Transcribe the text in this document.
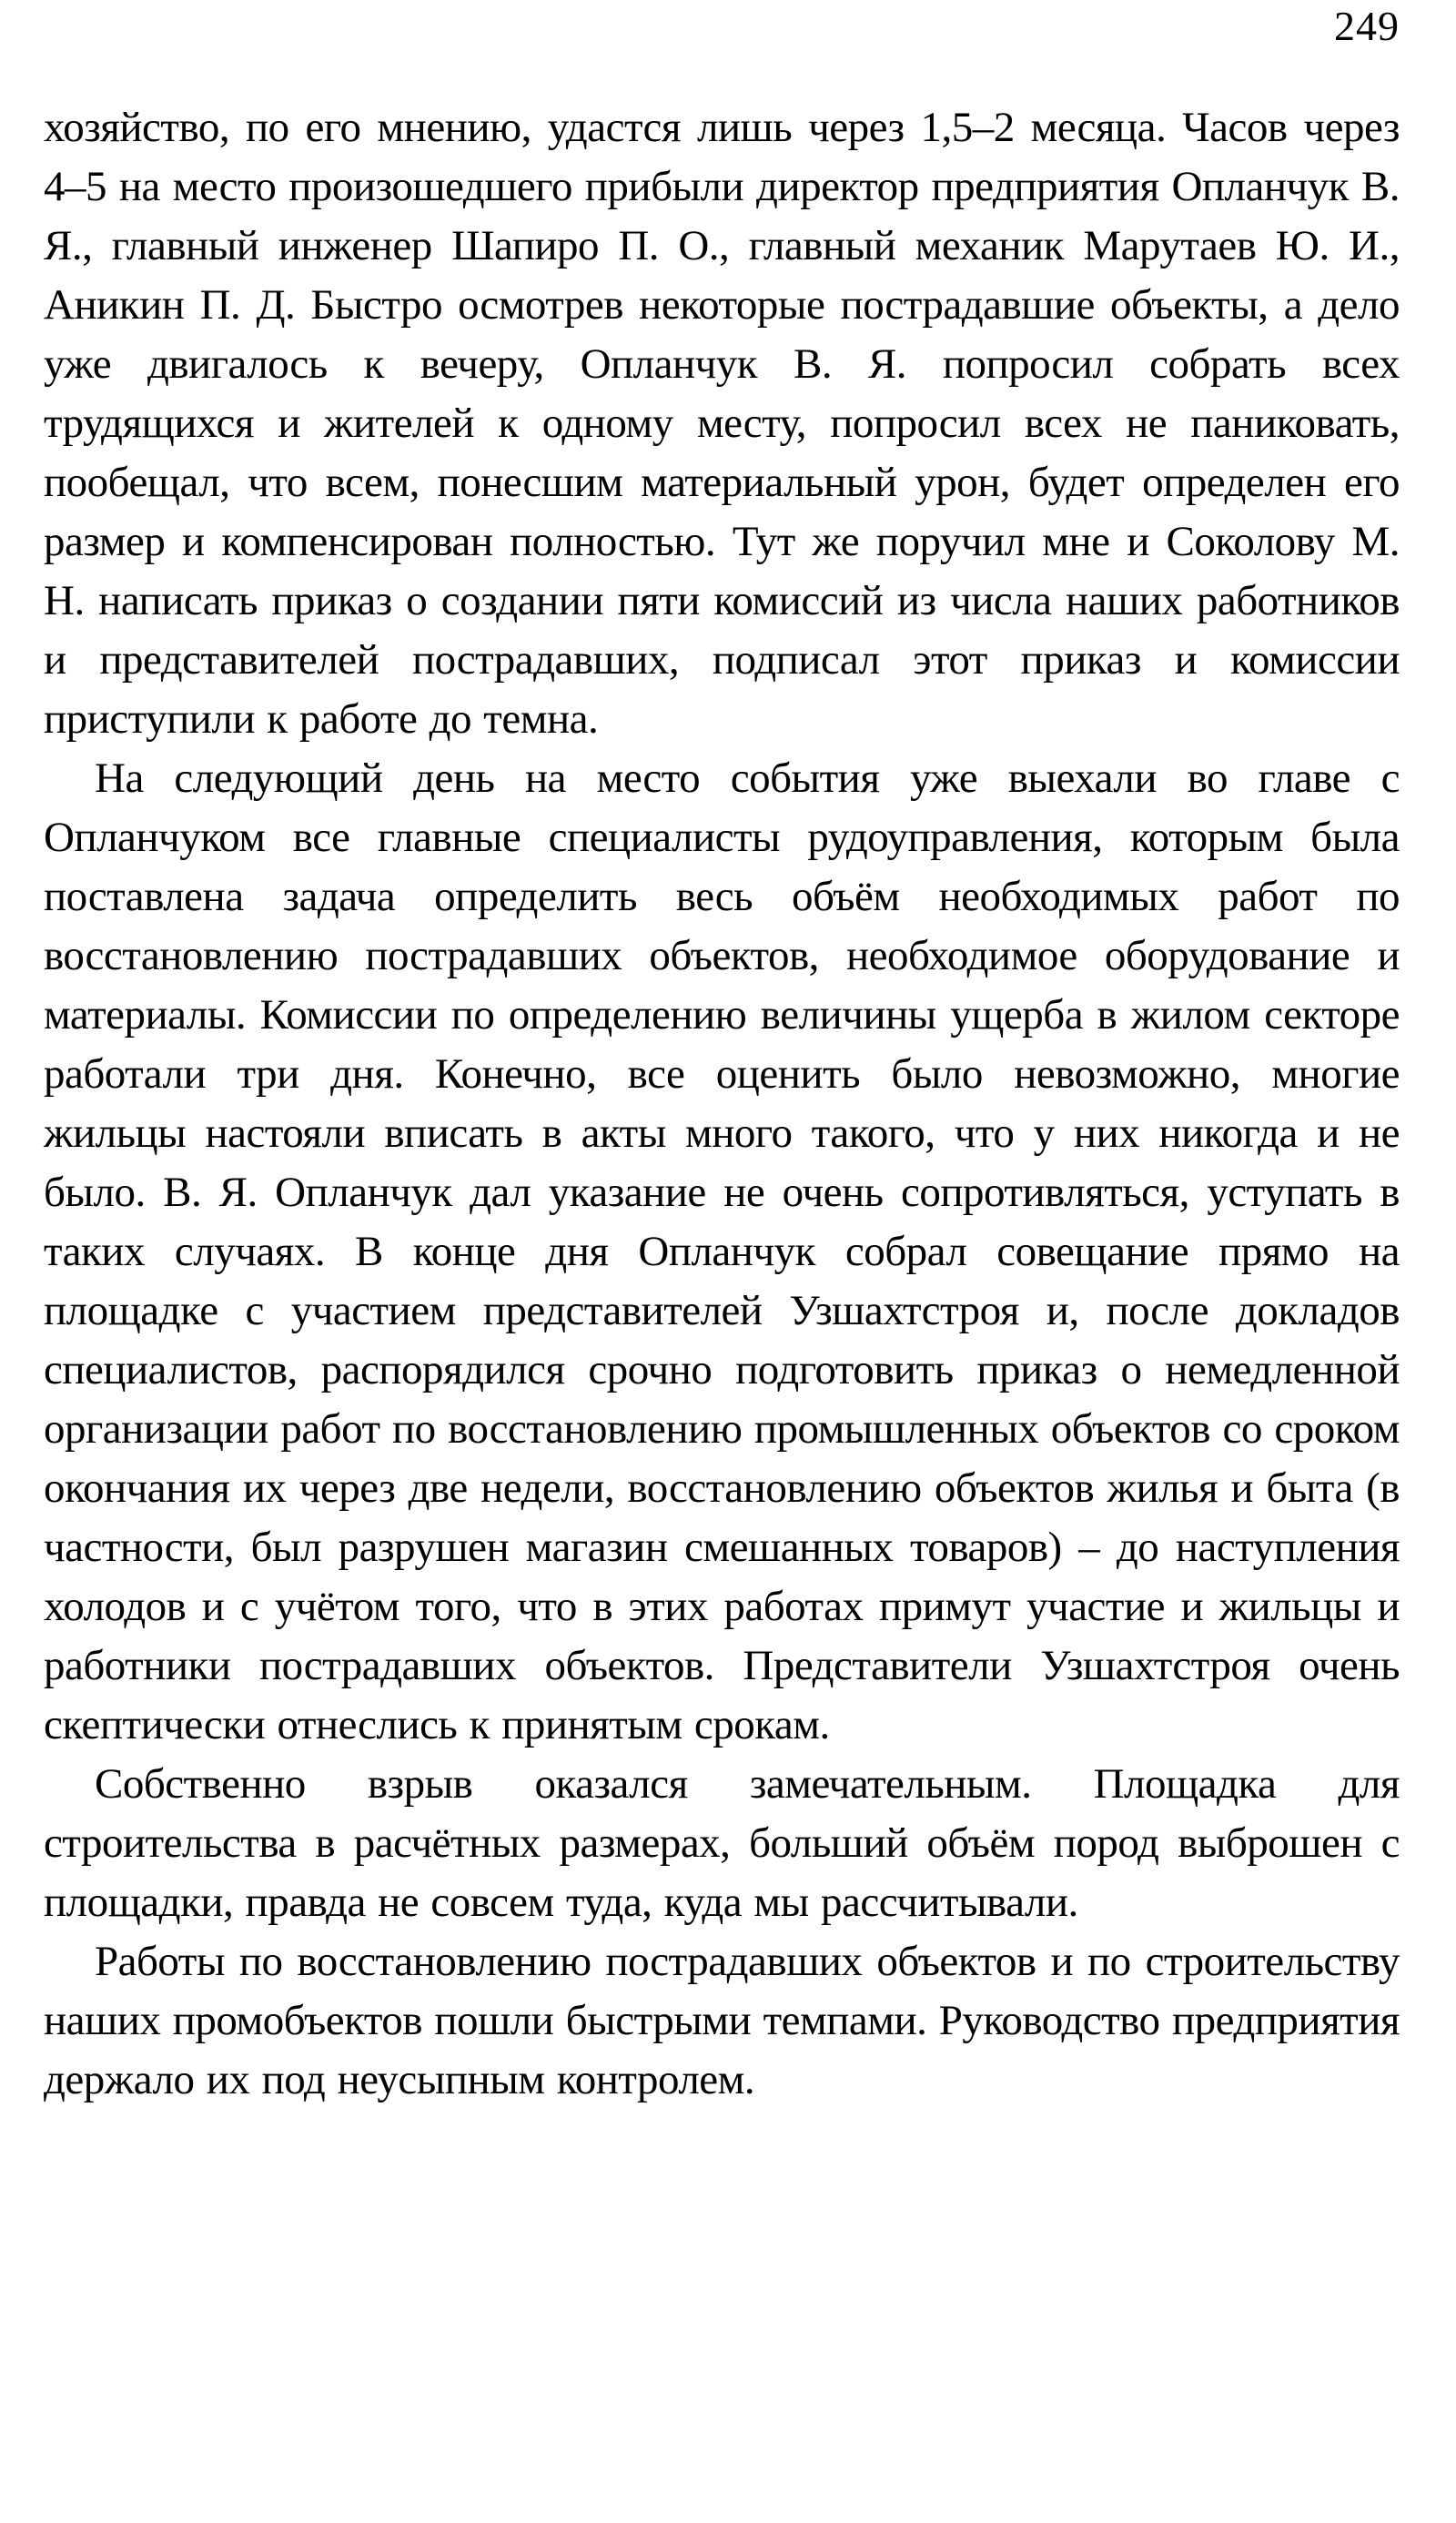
249

хозяйство, по его мнению, удастся лишь через 1,5–2 месяца. Часов через 4–5 на место произошедшего прибыли директор предприятия Опланчук В. Я., главный инженер Шапиро П. О., главный механик Марутаев Ю. И., Аникин П. Д. Быстро осмотрев некоторые пострадавшие объекты, а дело уже двигалось к вечеру, Опланчук В. Я. попросил собрать всех трудящихся и жителей к одному месту, попросил всех не паниковать, пообещал, что всем, понесшим материальный урон, будет определен его размер и компенсирован полностью. Тут же поручил мне и Соколову М. Н. написать приказ о создании пяти комиссий из числа наших работников и представителей пострадавших, подписал этот приказ и комиссии приступили к работе до темна.

На следующий день на место события уже выехали во главе с Опланчуком все главные специалисты рудоуправления, которым была поставлена задача определить весь объём необходимых работ по восстановлению пострадавших объектов, необходимое оборудование и материалы. Комиссии по определению величины ущерба в жилом секторе работали три дня. Конечно, все оценить было невозможно, многие жильцы настояли вписать в акты много такого, что у них никогда и не было. В. Я. Опланчук дал указание не очень сопротивляться, уступать в таких случаях. В конце дня Опланчук собрал совещание прямо на площадке с участием представителей Узшахтстроя и, после докладов специалистов, распорядился срочно подготовить приказ о немедленной организации работ по восстановлению промышленных объектов со сроком окончания их через две недели, восстановлению объектов жилья и быта (в частности, был разрушен магазин смешанных товаров) – до наступления холодов и с учётом того, что в этих работах примут участие и жильцы и работники пострадавших объектов. Представители Узшахтстроя очень скептически отнеслись к принятым срокам.

Собственно взрыв оказался замечательным. Площадка для строительства в расчётных размерах, больший объём пород выброшен с площадки, правда не совсем туда, куда мы рассчитывали.

Работы по восстановлению пострадавших объектов и по строительству наших промобъектов пошли быстрыми темпами. Руководство предприятия держало их под неусыпным контролем.
